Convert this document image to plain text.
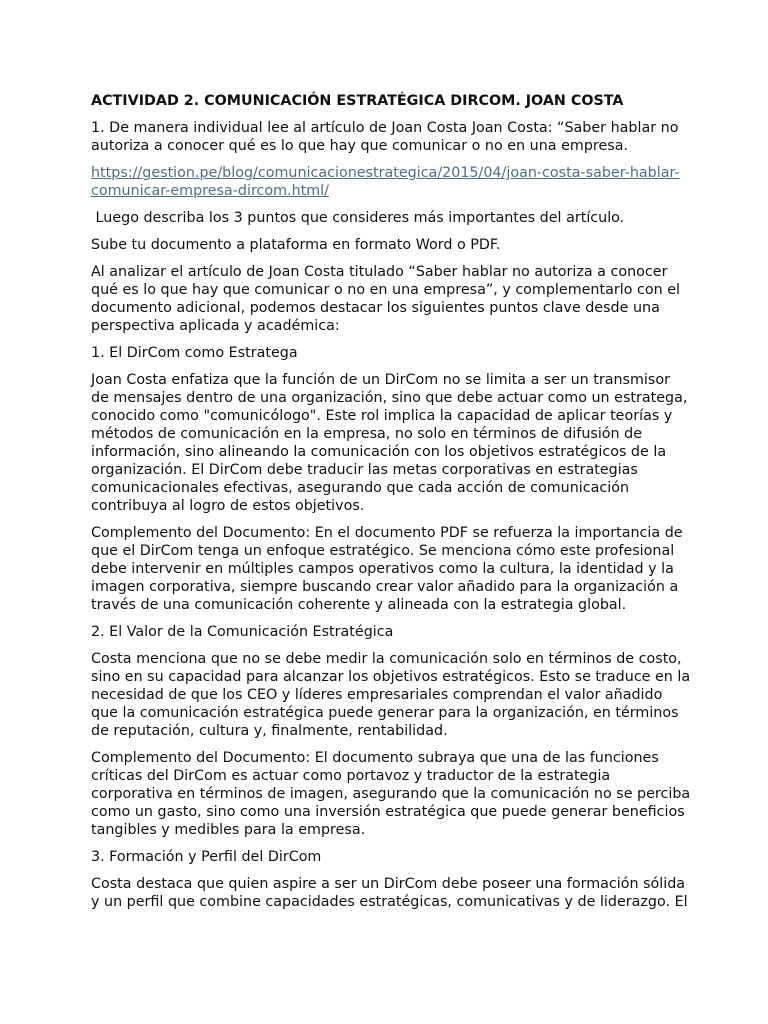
ACTIVIDAD 2. COMUNICACIÓN ESTRATÉGICA DIRCOM. JOAN COSTA

1. De manera individual lee al artículo de Joan Costa Joan Costa: “Saber hablar no autoriza a conocer qué es lo que hay que comunicar o no en una empresa.

https://gestion.pe/blog/comunicacionestrategica/2015/04/joan-costa-saber-hablar-comunicar-empresa-dircom.html/

Luego describa los 3 puntos que consideres más importantes del artículo.

Sube tu documento a plataforma en formato Word o PDF.

Al analizar el artículo de Joan Costa titulado “Saber hablar no autoriza a conocer qué es lo que hay que comunicar o no en una empresa”, y complementarlo con el documento adicional, podemos destacar los siguientes puntos clave desde una perspectiva aplicada y académica:

1. El DirCom como Estratega

Joan Costa enfatiza que la función de un DirCom no se limita a ser un transmisor de mensajes dentro de una organización, sino que debe actuar como un estratega, conocido como "comunicólogo". Este rol implica la capacidad de aplicar teorías y métodos de comunicación en la empresa, no solo en términos de difusión de información, sino alineando la comunicación con los objetivos estratégicos de la organización. El DirCom debe traducir las metas corporativas en estrategias comunicacionales efectivas, asegurando que cada acción de comunicación contribuya al logro de estos objetivos.

Complemento del Documento: En el documento PDF se refuerza la importancia de que el DirCom tenga un enfoque estratégico. Se menciona cómo este profesional debe intervenir en múltiples campos operativos como la cultura, la identidad y la imagen corporativa, siempre buscando crear valor añadido para la organización a través de una comunicación coherente y alineada con la estrategia global.

2. El Valor de la Comunicación Estratégica

Costa menciona que no se debe medir la comunicación solo en términos de costo, sino en su capacidad para alcanzar los objetivos estratégicos. Esto se traduce en la necesidad de que los CEO y líderes empresariales comprendan el valor añadido que la comunicación estratégica puede generar para la organización, en términos de reputación, cultura y, finalmente, rentabilidad.

Complemento del Documento: El documento subraya que una de las funciones críticas del DirCom es actuar como portavoz y traductor de la estrategia corporativa en términos de imagen, asegurando que la comunicación no se perciba como un gasto, sino como una inversión estratégica que puede generar beneficios tangibles y medibles para la empresa.

3. Formación y Perfil del DirCom

Costa destaca que quien aspire a ser un DirCom debe poseer una formación sólida y un perfil que combine capacidades estratégicas, comunicativas y de liderazgo. El
